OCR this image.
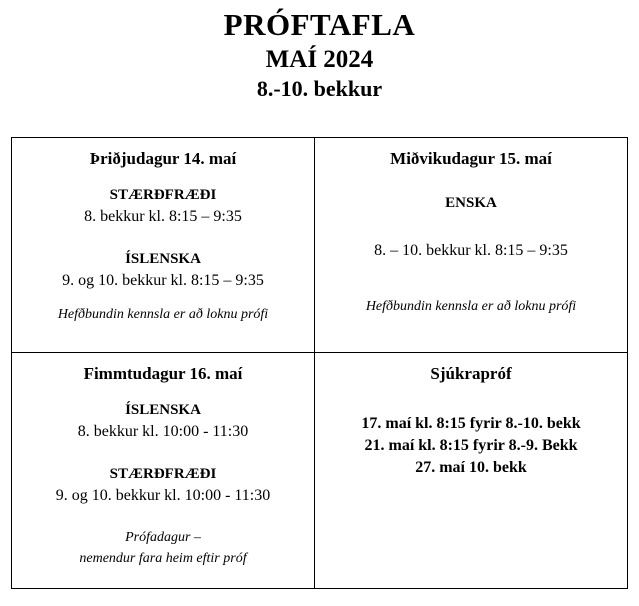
PRÓFTAFLA
MAÍ 2024
8.-10. bekkur
Þriðjudagur 14. maí
STÆRÐFRÆÐI
8. bekkur kl. 8:15 – 9:35
ÍSLENSKA
9. og 10. bekkur kl. 8:15 – 9:35
Hefðbundin kennsla er að loknu prófi

Miðvikudagur 15. maí
ENSKA
8. – 10. bekkur kl. 8:15 – 9:35
Hefðbundin kennsla er að loknu prófi

Fimmtudagur 16. maí
ÍSLENSKA
8. bekkur kl. 10:00 - 11:30
STÆRÐFRÆÐI
9. og 10. bekkur kl. 10:00 - 11:30
Prófadagur –
nemendur fara heim eftir próf

Sjúkrapróf
17. maí kl. 8:15 fyrir 8.-10. bekk
21. maí kl. 8:15 fyrir 8.-9. Bekk
27. maí 10. bekk
